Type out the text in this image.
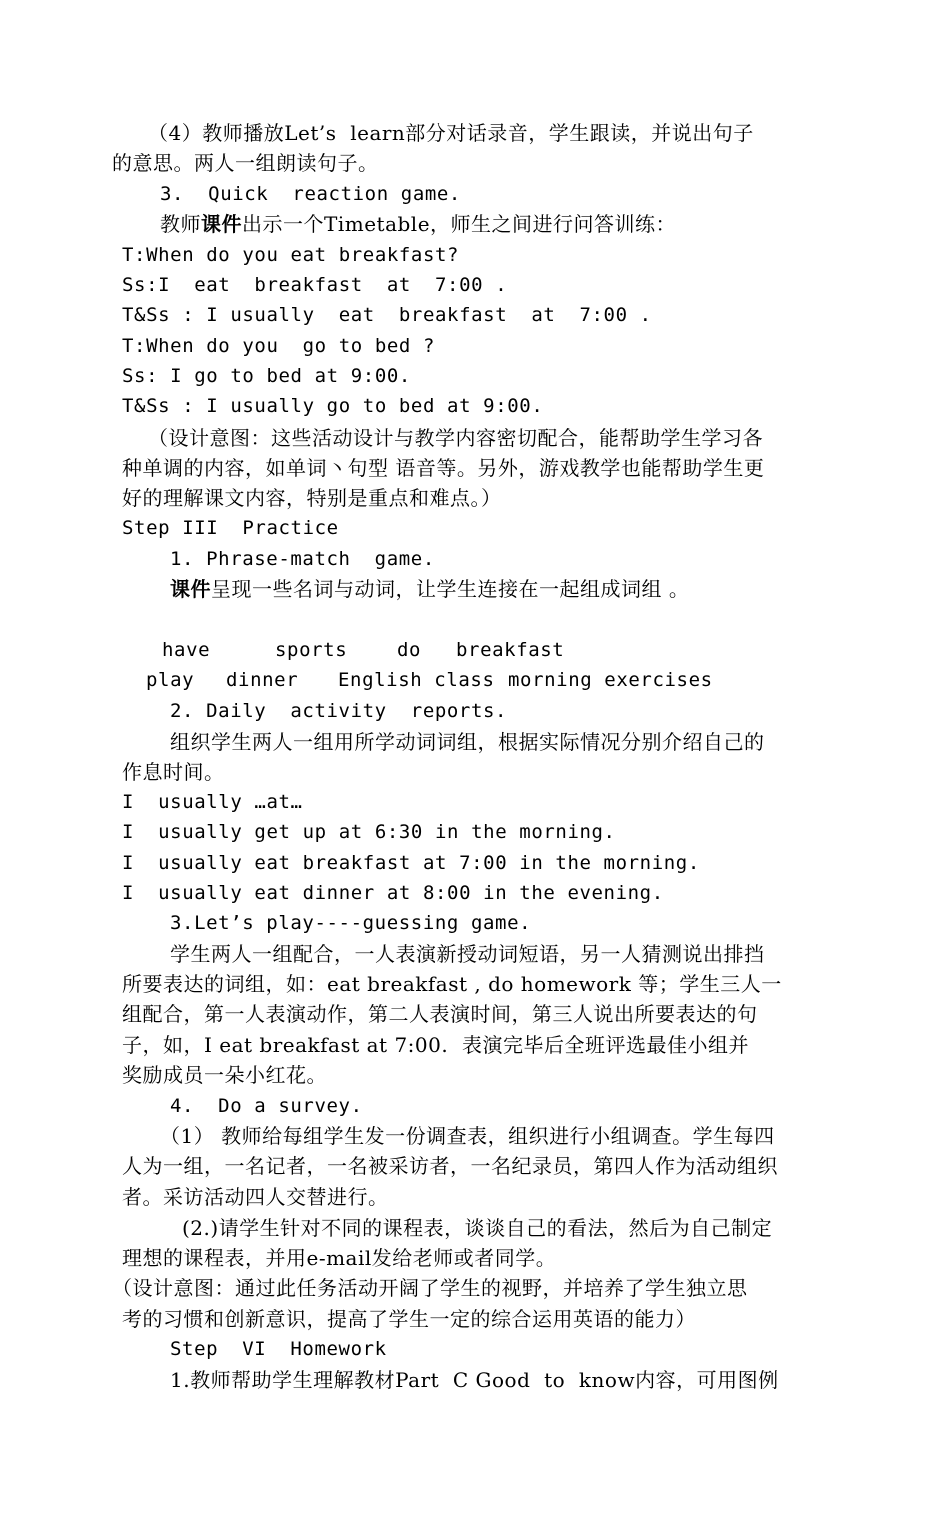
（4）教师播放Let’s  learn部分对话录音，学生跟读，并说出句子
的意思。两人一组朗读句子。
3.  Quick  reaction game.
教师课件出示一个Timetable，师生之间进行问答训练：
T:When do you eat breakfast?
Ss:I  eat  breakfast  at  7:00 .
T&Ss : I usually  eat  breakfast  at  7:00 .
T:When do you  go to bed ?
Ss: I go to bed at 9:00.
T&Ss : I usually go to bed at 9:00.
（设计意图：这些活动设计与教学内容密切配合，能帮助学生学习各
种单调的内容，如单词丶句型 语音等。另外，游戏教学也能帮助学生更
好的理解课文内容，特别是重点和难点。）
Step III  Practice
1. Phrase-match  game.
课件呈现一些名词与动词，让学生连接在一起组成词组 。
have	sports	do breakfast
play dinner English class morning exercises
2. Daily  activity  reports.
组织学生两人一组用所学动词词组，根据实际情况分别介绍自己的
作息时间。
I  usually …at…
I  usually get up at 6:30 in the morning.
I  usually eat breakfast at 7:00 in the morning.
I  usually eat dinner at 8:00 in the evening.
3.Let’s play----guessing game.
学生两人一组配合，一人表演新授动词短语，另一人猜测说出排挡
所要表达的词组，如：eat breakfast , do homework 等；学生三人一
组配合，第一人表演动作，第二人表演时间，第三人说出所要表达的句
子，如，I eat breakfast at 7:00.  表演完毕后全班评选最佳小组并
奖励成员一朵小红花。
4.  Do a survey.
（1） 教师给每组学生发一份调查表，组织进行小组调查。学生每四
人为一组，一名记者，一名被采访者，一名纪录员，第四人作为活动组织
者。采访活动四人交替进行。
(2.)请学生针对不同的课程表，谈谈自己的看法，然后为自己制定
理想的课程表，并用e-mail发给老师或者同学。
（设计意图：通过此任务活动开阔了学生的视野，并培养了学生独立思
考的习惯和创新意识，提高了学生一定的综合运用英语的能力）
Step  VI  Homework
1.教师帮助学生理解教材Part  C Good  to  know内容，可用图例
